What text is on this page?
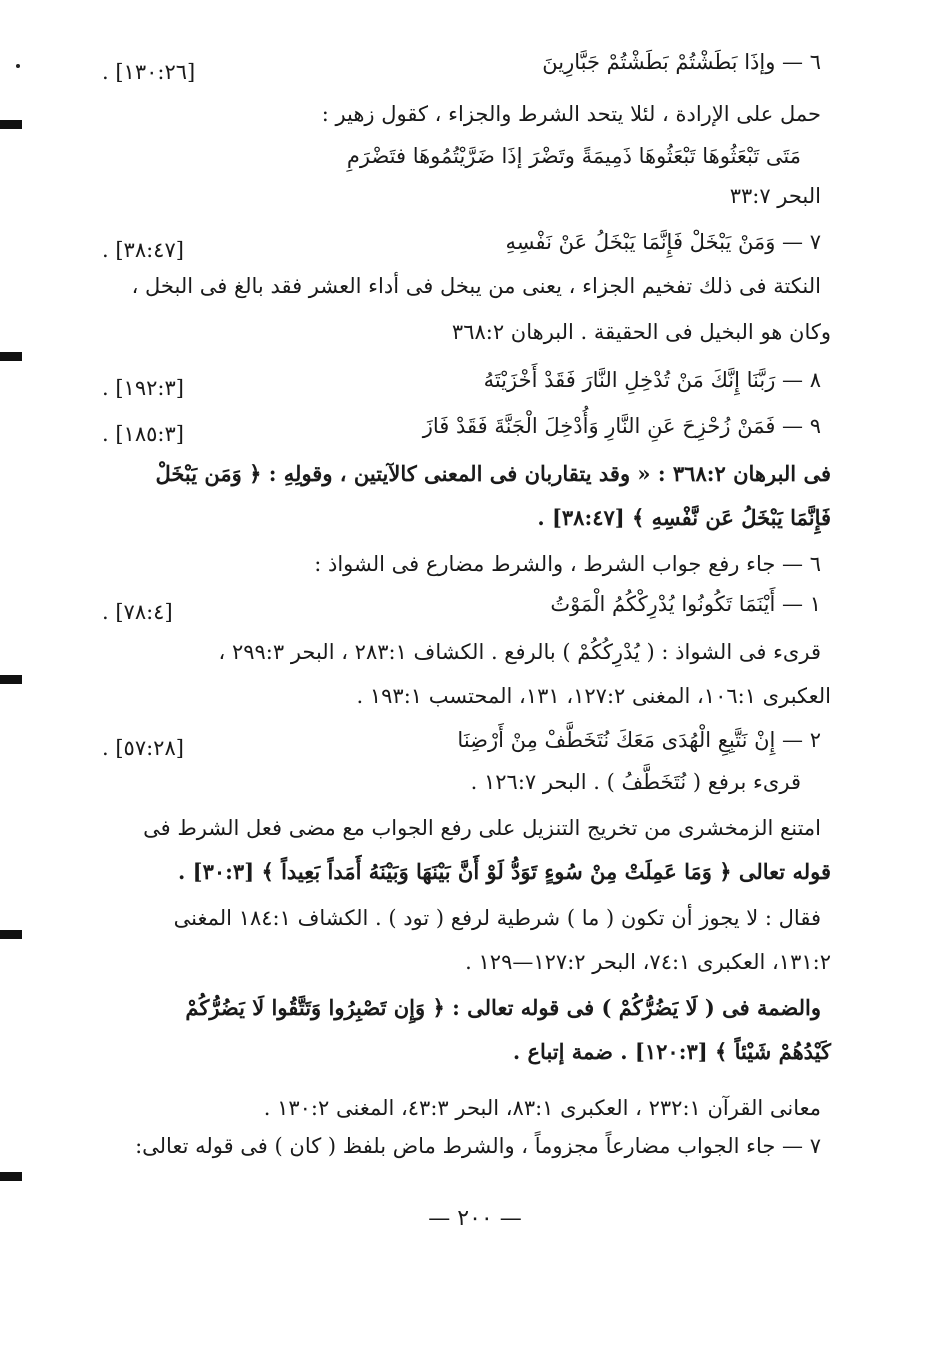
٦ — وإذَا بَطَشْتُمْ بَطَشْتُمْ جَبَّارِينَ
حمل على الإرادة ، لئلا يتحد الشرط والجزاء ، كقول زهير :
مَتَى تَبْعَثُوهَا تَبْعَثُوهَا ذَمِيمَةً وتَضْرَ إذَا ضَرَّيْتُمُوهَا فتَضْرَمِ
البحر ٣٣:٧
٧ — وَمَنْ يَبْخَلْ فَإِنَّمَا يَبْخَلُ عَنْ نَفْسِهِ
النكتة فى ذلك تفخيم الجزاء ، يعنى من يبخل فى أداء العشر فقد بالغ فى البخل ،
وكان هو البخيل فى الحقيقة . البرهان ٣٦٨:٢
٨ — رَبَّنَا إِنَّكَ مَنْ تُدْخِلِ النَّارَ فَقَدْ أَخْزَيْتَهُ
٩ — فَمَنْ زُحْزِحَ عَنِ النَّارِ وَأُدْخِلَ الْجَنَّةَ فَقَدْ فَازَ
فى البرهان ٣٦٨:٢ : « وقد يتقاربان فى المعنى كالآيتين ، وقولِهِ : ﴿ وَمَن يَبْخَلْ
فَإِنَّمَا يَبْخَلُ عَن نَّفْسِهِ ﴾ [٣٨:٤٧] .
٦ — جاء رفع جواب الشرط ، والشرط مضارع فى الشواذ :
١ — أَيْنَمَا تَكُونُوا يُدْرِكْكُمُ الْمَوْتُ
قرىء فى الشواذ : ( يُدْرِكُكُمْ ) بالرفع . الكشاف ٢٨٣:١ ، البحر ٢٩٩:٣ ،
العكبرى ١٠٦:١، المغنى ١٢٧:٢، ١٣١، المحتسب ١٩٣:١ .
٢ — إِنْ نَتَّبِعِ الْهُدَى مَعَكَ نُتَخَطَّفْ مِنْ أَرْضِنَا
قرىء برفع ( نُتَخَطَّفُ ) . البحر ١٢٦:٧ .
امتنع الزمخشرى من تخريج التنزيل على رفع الجواب مع مضى فعل الشرط فى
قوله تعالى ﴿ وَمَا عَمِلَتْ مِنْ سُوءٍ تَوَدُّ لَوْ أَنَّ بَيْنَهَا وَبَيْنَهُ أَمَداً بَعِيداً ﴾ [٣٠:٣] .
فقال : لا يجوز أن تكون ( ما ) شرطية لرفع ( تود ) . الكشاف ١٨٤:١ المغنى
١٣١:٢، العكبرى ٧٤:١، البحر ١٢٧:٢—١٢٩ .
والضمة فى ( لَا يَضُرُّكُمْ ) فى قوله تعالى : ﴿ وَإِن تَصْبِرُوا وَتَتَّقُوا لَا يَضُرُّكُمْ
كَيْدُهُمْ شَيْئاً ﴾ [١٢٠:٣] . ضمة إتباع .
معانى القرآن ٢٣٢:١ ، العكبرى ٨٣:١، البحر ٤٣:٣، المغنى ١٣٠:٢ .
٧ — جاء الجواب مضارعاً مجزوماً ، والشرط ماض بلفظ ( كان ) فى قوله تعالى:
[١٣٠:٢٦] .
[٣٨:٤٧] .
[١٩٢:٣] .
[١٨٥:٣] .
[٧٨:٤] .
[٥٧:٢٨] .
— ٢٠٠ —
